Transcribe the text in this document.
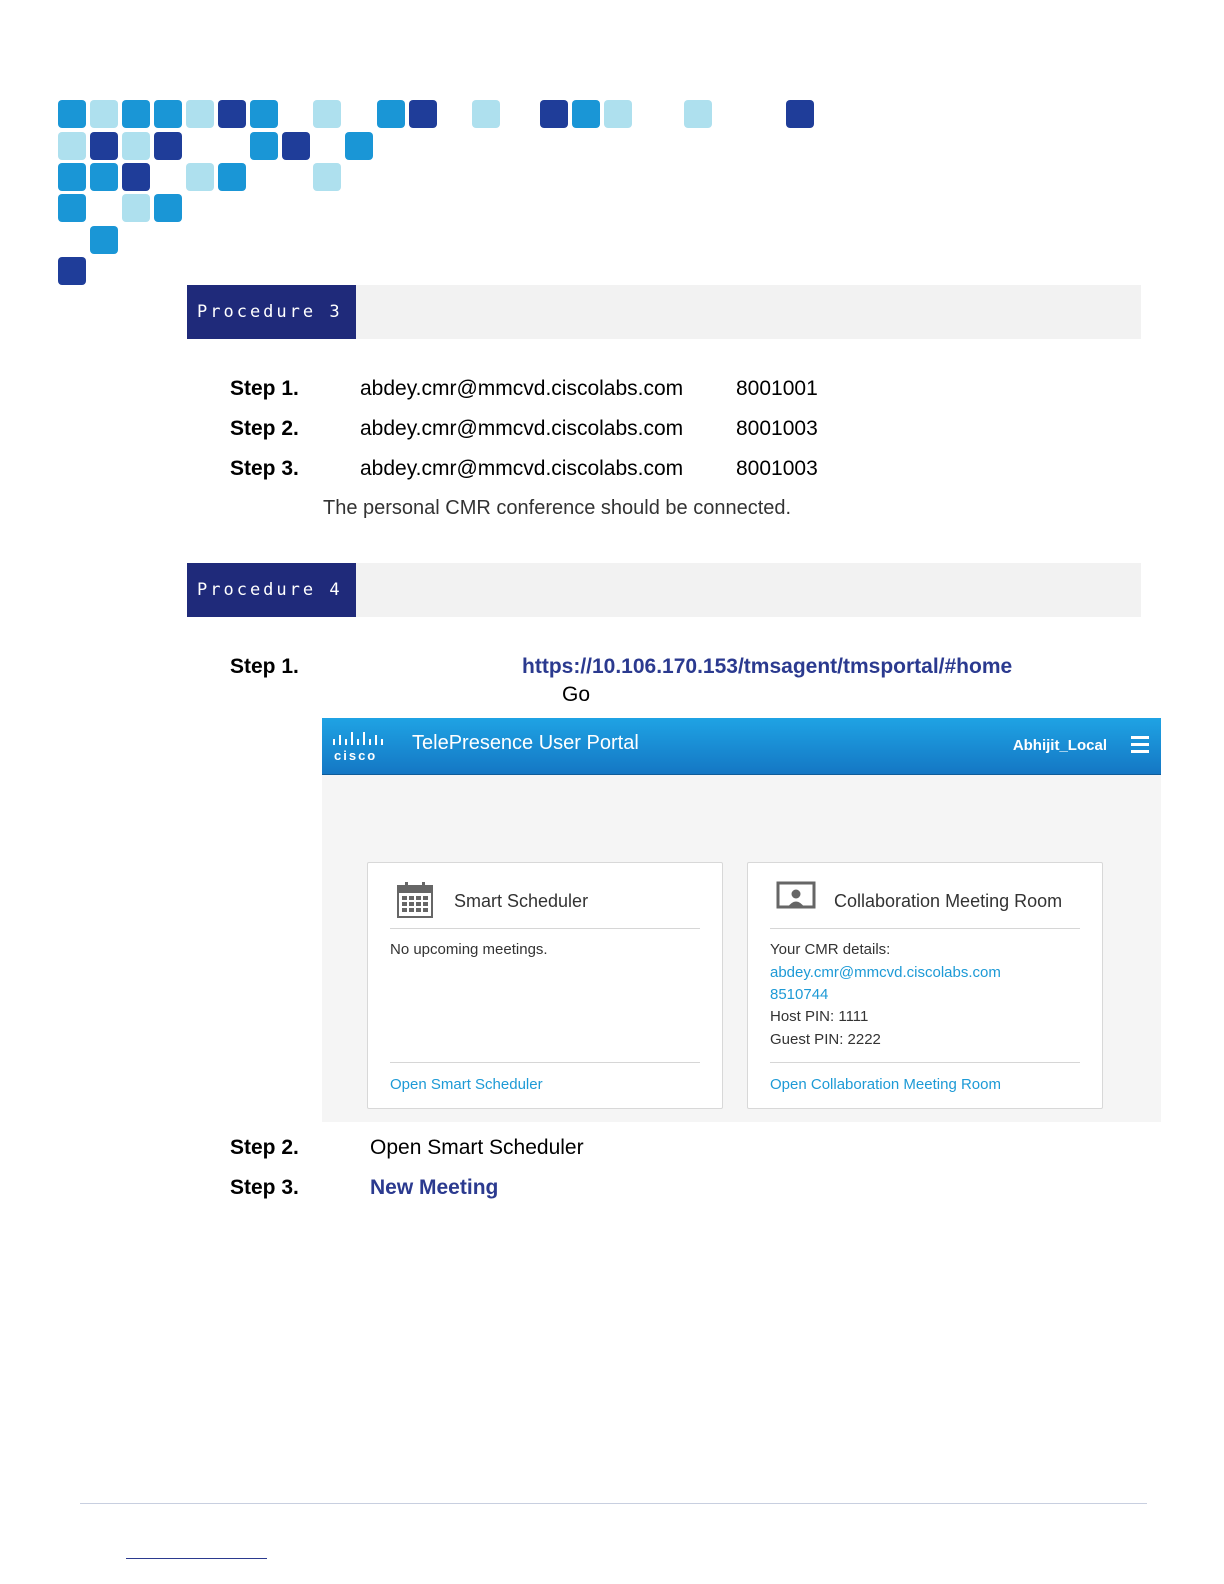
Procedure 3
Step 1.	abdey.cmr@mmcvd.ciscolabs.com	8001001
Step 2.	abdey.cmr@mmcvd.ciscolabs.com	8001003
Step 3.	abdey.cmr@mmcvd.ciscolabs.com	8001003
The personal CMR conference should be connected.
Procedure 4
Step 1.	https://10.106.170.153/tmsagent/tmsportal/#home
Go
cisco
TelePresence User Portal	Abhijit_Local
Smart Scheduler
No upcoming meetings.
Open Smart Scheduler
Collaboration Meeting Room
Your CMR details:
abdey.cmr@mmcvd.ciscolabs.com
8510744
Host PIN: 1111
Guest PIN: 2222
Open Collaboration Meeting Room
Step 2.	Open Smart Scheduler
Step 3.	New Meeting
